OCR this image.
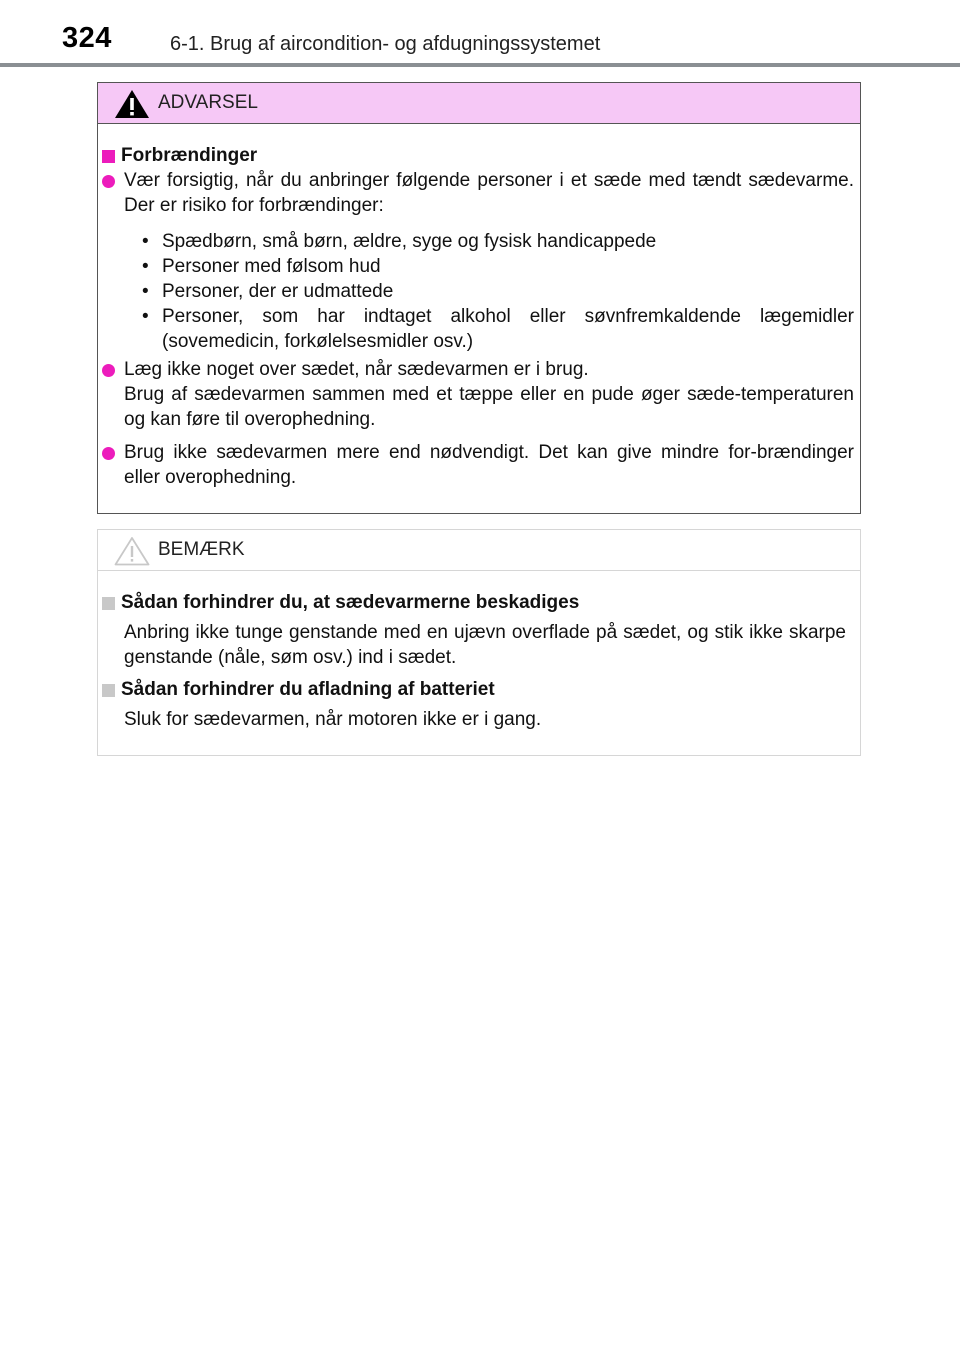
324	6-1. Brug af aircondition- og afdugningssystemet
ADVARSEL
Forbrændinger
Vær forsigtig, når du anbringer følgende personer i et sæde med tændt sædevarme. Der er risiko for forbrændinger:
• Spædbørn, små børn, ældre, syge og fysisk handicappede
• Personer med følsom hud
• Personer, der er udmattede
• Personer, som har indtaget alkohol eller søvnfremkaldende lægemidler (sovemedicin, forkølelsesmidler osv.)
Læg ikke noget over sædet, når sædevarmen er i brug.
Brug af sædevarmen sammen med et tæppe eller en pude øger sæde-temperaturen og kan føre til overophedning.
Brug ikke sædevarmen mere end nødvendigt. Det kan give mindre for-brændinger eller overophedning.
BEMÆRK
Sådan forhindrer du, at sædevarmerne beskadiges
Anbring ikke tunge genstande med en ujævn overflade på sædet, og stik ikke skarpe genstande (nåle, søm osv.) ind i sædet.
Sådan forhindrer du afladning af batteriet
Sluk for sædevarmen, når motoren ikke er i gang.
